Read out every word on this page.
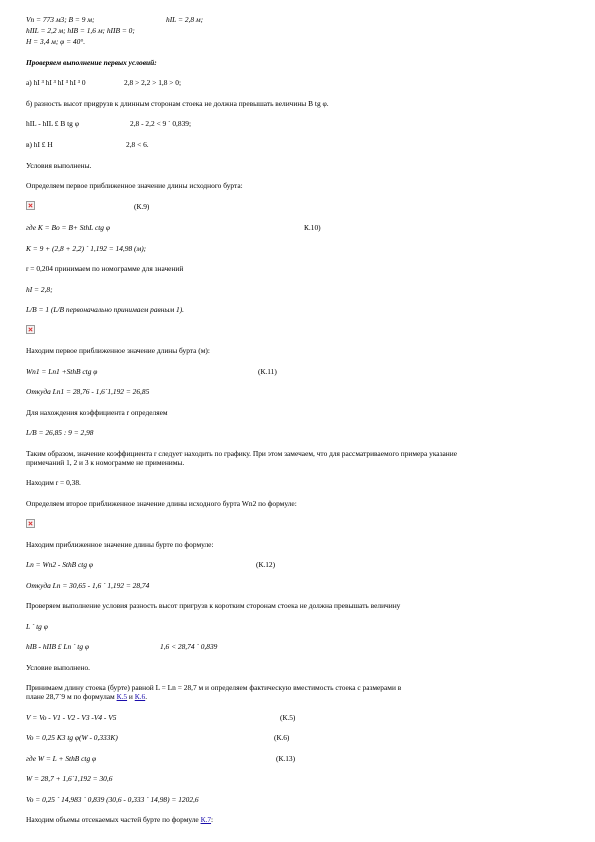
Vп = 773 м3; B = 9 м;	hIL = 2,8 м;
hIIL = 2,2 м; hIB = 1,6 м; hIIB = 0;
H = 3,4 м; φ = 40°.
Проверяем выполнение первых условий:
а) hI ³ hI ³ hI ³ hI ³ 0	2,8 > 2,2 > 1,8 > 0;
б) разность высот приgрузв к длинным сторонам стоека не должна превышать величины B tg φ.
hIL - hIL £ B tg φ	2,8 - 2,2 < 9 ´ 0,839;
в) hI £ H	2,8 < 6.
Условия выполнены.
Определяем первое приближенное значение длины исходного бурта:
(К.9)
где K = Bo = B+ SthL ctg φ	К.10)
K = 9 + (2,8 + 2,2) ´ 1,192 = 14,98 (м);
r = 0,204 принимаем по номограмме для значений
hI = 2,8;
L/B = 1 (L/B первоначально принимаем равным 1).
Находим первое приближенное значение длины бурта (м):
Wn1 = Ln1 +SthB ctg φ	(К.11)
Откуда Ln1 = 28,76 - 1,6´1,192 = 26,85
Для нахождения коэффициента r определяем
L/B = 26,85 : 9 = 2,98
Таким образом, значение коэффициента r следует находить по графику. При этом замечаем, что для рассматриваемого примера указание
примечаний 1, 2 и 3 к номограмме не применимы.
Находим r = 0,38.
Определяем второе приближенное значение длины исходного бурта Wn2 по формуле:
Находим приближенное значение длины бурте по формуле:
Ln = Wn2 - SthB ctg φ	(К.12)
Откуда Ln = 30,65 - 1,6 ´ 1,192 = 28,74
Проверяем выполнение условия разность высот пригрузв к коротким сторонам стоека не должна превышать величину
L ´ tg φ
hIB - hIIB £ Ln ´ tg φ	1,6 < 28,74 ´ 0,839
Условие выполнено.
Принимаем длину стоека (бурте) равной L = Ln = 28,7 м и определяем фактическую вместимость стоека с размерами в
плане 28,7´9 м по формулам К.5 и К.6.
V = Vo - V1 - V2 - V3 -V4 - V5	(К.5)
Vo = 0,25 K3 tg φ(W - 0,333K)	(К.6)
где W = L + SthB ctg φ	(К.13)
W = 28,7 + 1,6´1,192 = 30,6
Vo = 0,25 ´ 14,983 ´ 0,839 (30,6 - 0,333 ´ 14,98) = 1202,6
Находим объемы отсекаемых частей бурте по формуле К.7:
